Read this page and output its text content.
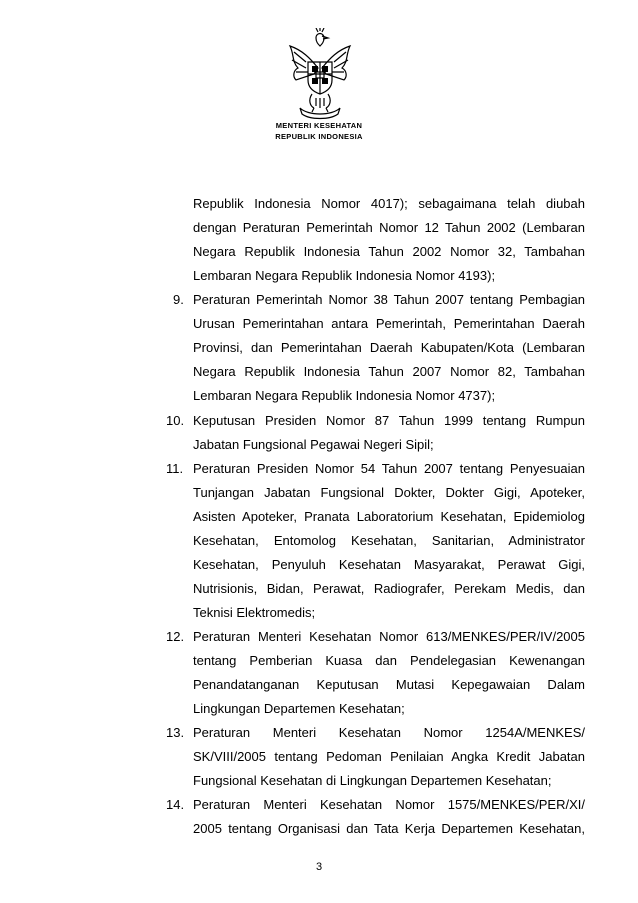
MENTERI KESEHATAN
REPUBLIK INDONESIA
Republik Indonesia Nomor 4017); sebagaimana telah diubah
dengan Peraturan Pemerintah Nomor 12 Tahun 2002 (Lembaran
Negara Republik Indonesia Tahun 2002 Nomor 32, Tambahan
Lembaran Negara Republik Indonesia Nomor 4193);
9. Peraturan Pemerintah Nomor 38 Tahun 2007 tentang Pembagian
Urusan Pemerintahan antara Pemerintah, Pemerintahan Daerah
Provinsi, dan Pemerintahan Daerah Kabupaten/Kota (Lembaran
Negara Republik Indonesia Tahun 2007 Nomor 82, Tambahan
Lembaran Negara Republik Indonesia Nomor 4737);
10. Keputusan Presiden Nomor 87 Tahun 1999 tentang Rumpun
Jabatan Fungsional Pegawai Negeri Sipil;
11. Peraturan Presiden Nomor 54 Tahun 2007 tentang Penyesuaian
Tunjangan Jabatan Fungsional Dokter, Dokter Gigi, Apoteker,
Asisten Apoteker, Pranata Laboratorium Kesehatan, Epidemiolog
Kesehatan, Entomolog Kesehatan, Sanitarian, Administrator
Kesehatan, Penyuluh Kesehatan Masyarakat, Perawat Gigi,
Nutrisionis, Bidan, Perawat, Radiografer, Perekam Medis, dan
Teknisi Elektromedis;
12. Peraturan Menteri Kesehatan Nomor 613/MENKES/PER/IV/2005
tentang Pemberian Kuasa dan Pendelegasian Kewenangan
Penandatanganan Keputusan Mutasi Kepegawaian Dalam
Lingkungan Departemen Kesehatan;
13. Peraturan Menteri Kesehatan Nomor 1254A/MENKES/
SK/VIII/2005 tentang Pedoman Penilaian Angka Kredit Jabatan
Fungsional Kesehatan di Lingkungan Departemen Kesehatan;
14. Peraturan Menteri Kesehatan Nomor 1575/MENKES/PER/XI/
2005 tentang Organisasi dan Tata Kerja Departemen Kesehatan,
3
